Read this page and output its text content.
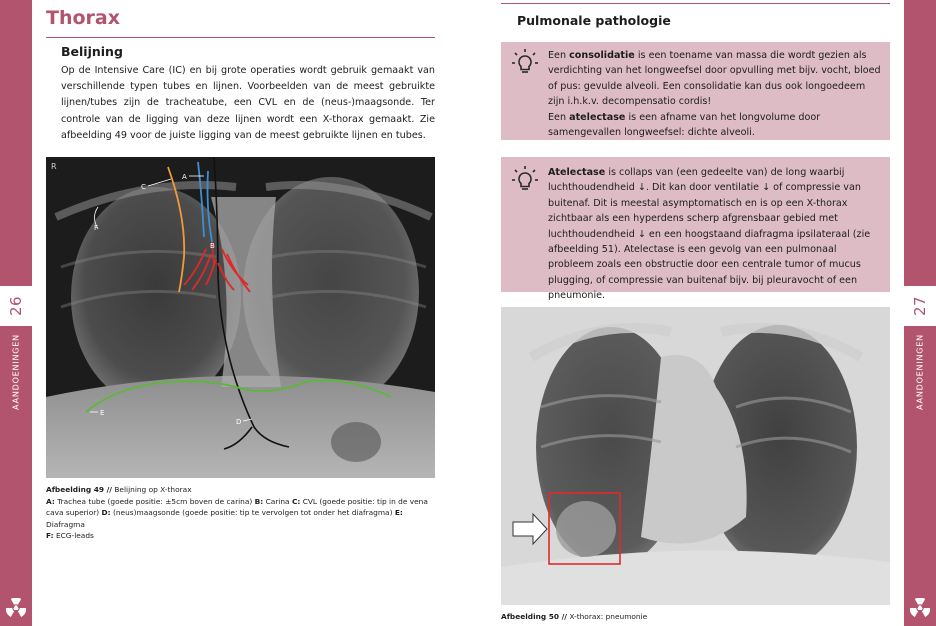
26
AANDOENINGEN
27
AANDOENINGEN
Thorax
Belijning

Op de Intensive Care (IC) en bij grote operaties wordt gebruik gemaakt van verschillende typen tubes en lijnen. Voorbeelden van de meest gebruikte lijnen/tubes zijn de tracheatube, een CVL en de (neus-)maagsonde. Ter controle van de ligging van deze lijnen wordt een X-thorax gemaakt. Zie afbeelding 49 voor de juiste ligging van de meest gebruikte lijnen en tubes.

R
A
C
B
F
E
D

Afbeelding 49 // Belijning op X-thorax
A: Trachea tube (goede positie: ±5cm boven de carina) B: Carina C: CVL (goede positie: tip in de vena cava superior) D: (neus)maagsonde (goede positie: tip te vervolgen tot onder het diafragma) E: Diafragma
F: ECG-leads

Pulmonale pathologie

Een consolidatie is een toename van massa die wordt gezien als verdichting van het longweefsel door opvulling met bijv. vocht, bloed of pus: gevulde alveoli. Een consolidatie kan dus ook longoedeem zijn i.h.k.v. decompensatio cordis!
Een atelectase is een afname van het longvolume door samengevallen longweefsel: dichte alveoli.

Atelectase is collaps van (een gedeelte van) de long waarbij luchthoudendheid ↓. Dit kan door ventilatie ↓ of compressie van buitenaf. Dit is meestal asymptomatisch en is op een X-thorax zichtbaar als een hyperdens scherp afgrensbaar gebied met luchthoudendheid ↓ en een hoogstaand diafragma ipsilateraal (zie afbeelding 51). Atelectase is een gevolg van een pulmonaal probleem zoals een obstructie door een centrale tumor of mucus plugging, of compressie van buitenaf bijv. bij pleuravocht of een pneumonie.

Afbeelding 50 // X-thorax: pneumonie
